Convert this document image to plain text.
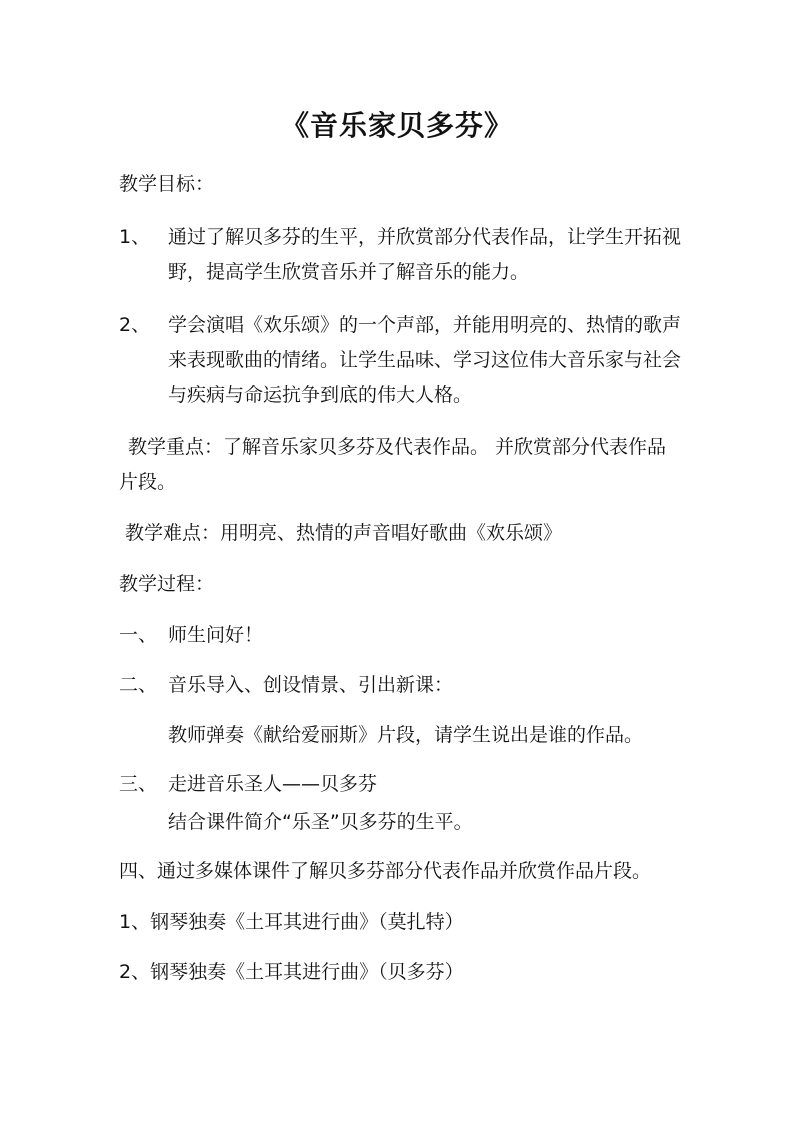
《音乐家贝多芬》
教学目标：
1、 通过了解贝多芬的生平，并欣赏部分代表作品，让学生开拓视
野，提高学生欣赏音乐并了解音乐的能力。
2、 学会演唱《欢乐颂》的一个声部，并能用明亮的、热情的歌声
来表现歌曲的情绪。让学生品味、学习这位伟大音乐家与社会
与疾病与命运抗争到底的伟大人格。
教学重点：了解音乐家贝多芬及代表作品。 并欣赏部分代表作品
片段。
教学难点：用明亮、热情的声音唱好歌曲《欢乐颂》
教学过程：
一、 师生问好！
二、 音乐导入、创设情景、引出新课：
教师弹奏《献给爱丽斯》片段，请学生说出是谁的作品。
三、 走进音乐圣人——贝多芬
结合课件简介“乐圣”贝多芬的生平。
四、通过多媒体课件了解贝多芬部分代表作品并欣赏作品片段。
1、钢琴独奏《土耳其进行曲》（莫扎特）
2、钢琴独奏《土耳其进行曲》（贝多芬）
